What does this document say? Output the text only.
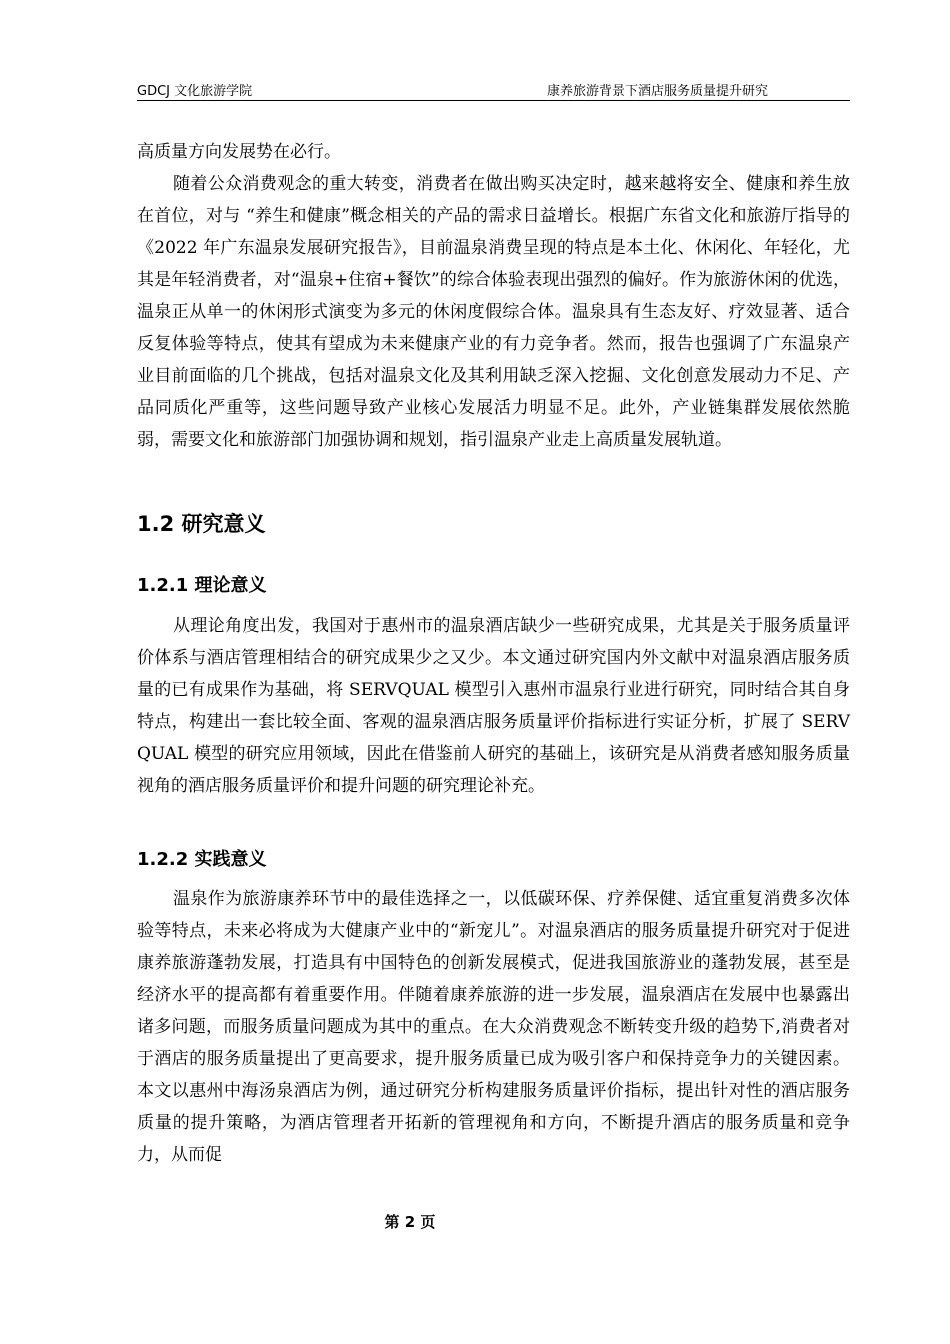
GDCJ 文化旅游学院	康养旅游背景下酒店服务质量提升研究

高质量方向发展势在必行。

随着公众消费观念的重大转变，消费者在做出购买决定时，越来越将安全、健康和养生放在首位，对与 “养生和健康”概念相关的产品的需求日益增长。根据广东省文化和旅游厅指导的《2022 年广东温泉发展研究报告》，目前温泉消费呈现的特点是本土化、休闲化、年轻化，尤其是年轻消费者，对“温泉+住宿+餐饮”的综合体验表现出强烈的偏好。作为旅游休闲的优选，温泉正从单一的休闲形式演变为多元的休闲度假综合体。温泉具有生态友好、疗效显著、适合反复体验等特点，使其有望成为未来健康产业的有力竞争者。然而，报告也强调了广东温泉产业目前面临的几个挑战，包括对温泉文化及其利用缺乏深入挖掘、文化创意发展动力不足、产品同质化严重等，这些问题导致产业核心发展活力明显不足。此外，产业链集群发展依然脆弱，需要文化和旅游部门加强协调和规划，指引温泉产业走上高质量发展轨道。

1.2 研究意义
1.2.1 理论意义

从理论角度出发，我国对于惠州市的温泉酒店缺少一些研究成果，尤其是关于服务质量评价体系与酒店管理相结合的研究成果少之又少。本文通过研究国内外文献中对温泉酒店服务质量的已有成果作为基础，将 SERVQUAL 模型引入惠州市温泉行业进行研究，同时结合其自身特点，构建出一套比较全面、客观的温泉酒店服务质量评价指标进行实证分析，扩展了 SERVQUAL 模型的研究应用领域，因此在借鉴前人研究的基础上，该研究是从消费者感知服务质量视角的酒店服务质量评价和提升问题的研究理论补充。

1.2.2 实践意义

温泉作为旅游康养环节中的最佳选择之一，以低碳环保、疗养保健、适宜重复消费多次体验等特点，未来必将成为大健康产业中的“新宠儿”。对温泉酒店的服务质量提升研究对于促进康养旅游蓬勃发展，打造具有中国特色的创新发展模式，促进我国旅游业的蓬勃发展，甚至是经济水平的提高都有着重要作用。伴随着康养旅游的进一步发展，温泉酒店在发展中也暴露出诸多问题，而服务质量问题成为其中的重点。在大众消费观念不断转变升级的趋势下,消费者对于酒店的服务质量提出了更高要求，提升服务质量已成为吸引客户和保持竞争力的关键因素。本文以惠州中海汤泉酒店为例，通过研究分析构建服务质量评价指标，提出针对性的酒店服务质量的提升策略，为酒店管理者开拓新的管理视角和方向，不断提升酒店的服务质量和竞争力，从而促

第 2 页
